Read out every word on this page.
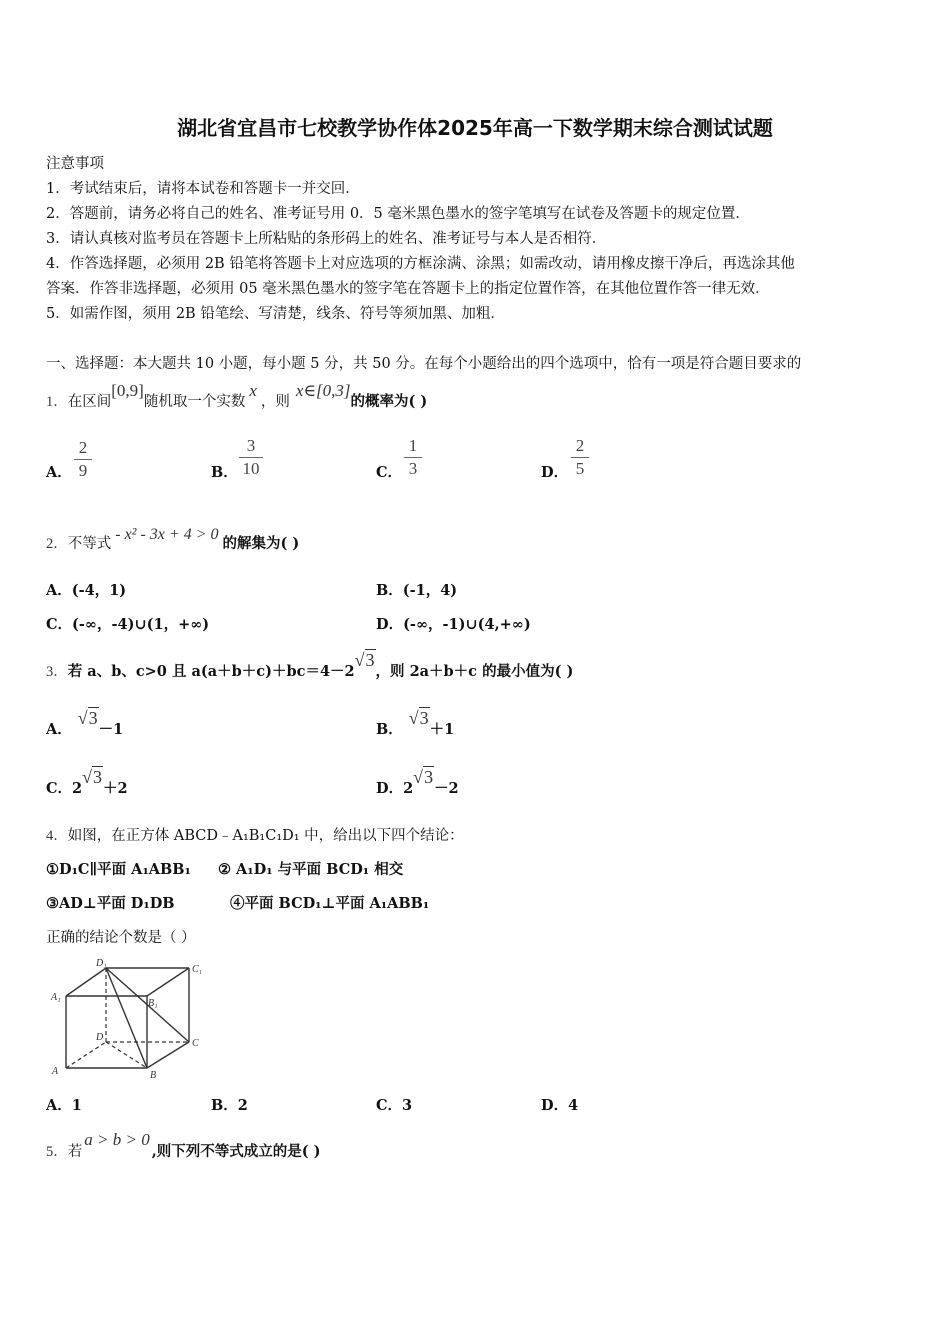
湖北省宜昌市七校教学协作体2025年高一下数学期末综合测试试题
注意事项
1．考试结束后，请将本试卷和答题卡一并交回．
2．答题前，请务必将自己的姓名、准考证号用 0．5 毫米黑色墨水的签字笔填写在试卷及答题卡的规定位置．
3．请认真核对监考员在答题卡上所粘贴的条形码上的姓名、准考证号与本人是否相符．
4．作答选择题，必须用 2B 铅笔将答题卡上对应选项的方框涂满、涂黑；如需改动，请用橡皮擦干净后，再选涂其他
答案．作答非选择题，必须用 05 毫米黑色墨水的签字笔在答题卡上的指定位置作答，在其他位置作答一律无效．
5．如需作图，须用 2B 铅笔绘、写清楚，线条、符号等须加黑、加粗．
一、选择题：本大题共 10 小题，每小题 5 分，共 50 分。在每个小题给出的四个选项中，恰有一项是符合题目要求的
1．在区间[0,9]随机取一个实数x，则x∈[0,3]的概率为( )
A．
2
9	B．
3
10	C．
1
3	D．
2
5
2．不等式- x² - 3x + 4 > 0的解集为( )
A．(-4，1)	B．(-1，4)
C．(-∞，-4)∪(1，+∞)	D．(-∞，-1)∪(4,+∞)
3．若 a、b、c>0 且 a(a＋b＋c)＋bc＝4－2√3，则 2a＋b＋c 的最小值为( )
A．√3－1	B．√3＋1
C．2√3＋2	D．2√3－2
4．如图，在正方体 ABCD﹣A₁B₁C₁D₁ 中，给出以下四个结论：
①D₁C∥平面 A₁ABB₁ ② A₁D₁ 与平面 BCD₁ 相交
③AD⊥平面 D₁DB	④平面 BCD₁⊥平面 A₁ABB₁
正确的结论个数是（ ）
D₁
C₁
A₁
B₁
D
C
A	B
A．1	B．2	C．3	D．4
5．若a > b > 0,则下列不等式成立的是( )
